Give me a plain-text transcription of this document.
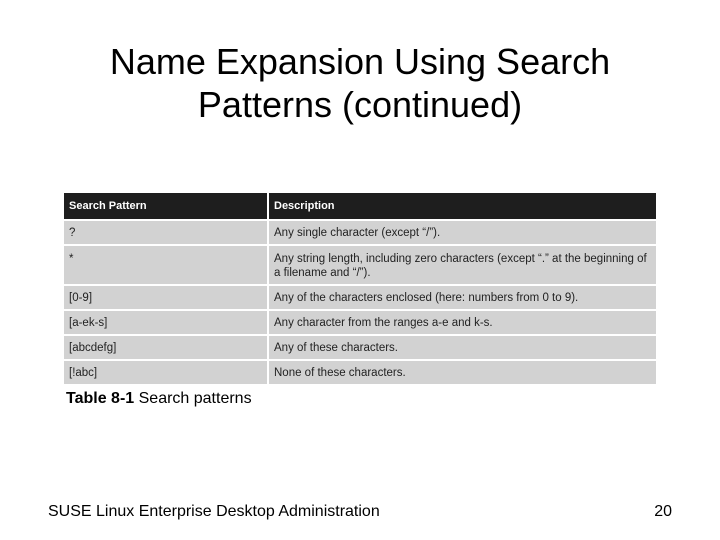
Name Expansion Using Search
Patterns (continued)
Search Pattern	Description
?	Any single character (except “/”).
*	Any string length, including zero characters (except “.” at the beginning of a filename and “/”).
[0-9]	Any of the characters enclosed (here: numbers from 0 to 9).
[a-ek-s]	Any character from the ranges a-e and k-s.
[abcdefg]	Any of these characters.
[!abc]	None of these characters.
Table 8-1 Search patterns
SUSE Linux Enterprise Desktop Administration	20
